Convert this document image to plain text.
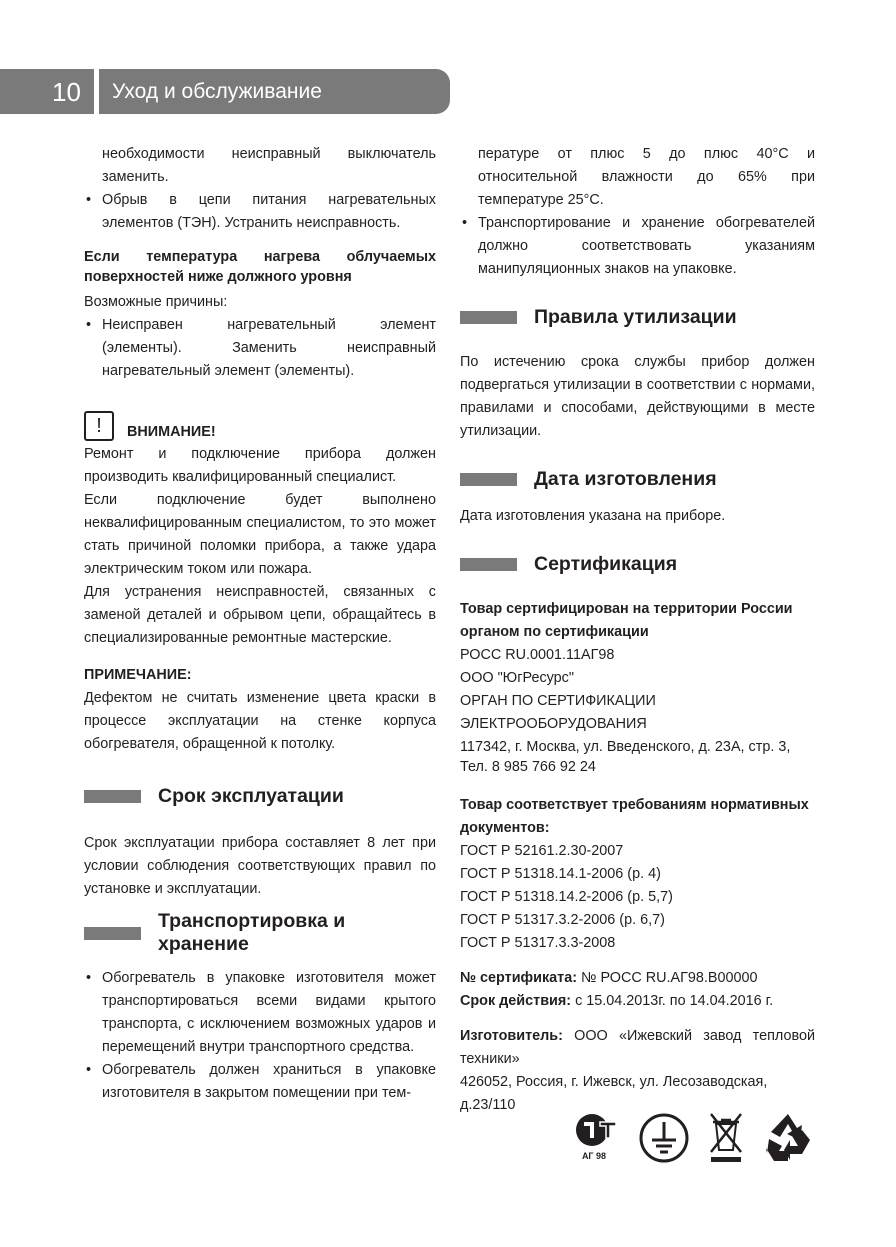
10 Уход и обслуживание

необходимости неисправный выключатель заменить.

• Обрыв в цепи питания нагревательных элементов (ТЭН). Устранить неисправность.

Если температура нагрева облучаемых поверхностей ниже должного уровня

Возможные причины:

• Неисправен нагревательный элемент (элементы). Заменить неисправный нагревательный элемент (элементы).

!	ВНИМАНИЕ!

Ремонт и подключение прибора должен производить квалифицированный специалист.

Если подключение будет выполнено неквалифицированным специалистом, то это может стать причиной поломки прибора, а также удара электрическим током или пожара.

Для устранения неисправностей, связанных с заменой деталей и обрывом цепи, обращайтесь в специализированные ремонтные мастерские.

ПРИМЕЧАНИЕ:

Дефектом не считать изменение цвета краски в процессе эксплуатации на стенке корпуса обогревателя, обращенной к потолку.

Срок эксплуатации

Срок эксплуатации прибора составляет 8 лет при условии соблюдения соответствующих правил по установке и эксплуатации.

Транспортировка и хранение

• Обогреватель в упаковке изготовителя может транспортироваться всеми видами крытого транспорта, с исключением возможных ударов и перемещений внутри транспортного средства.

• Обогреватель должен храниться в упаковке изготовителя в закрытом помещении при тем-

пературе от плюс 5 до плюс 40°С и относительной влажности до 65% при температуре 25°С.

• Транспортирование и хранение обогревателей должно соответствовать указаниям манипуляционных знаков на упаковке.

Правила утилизации

По истечению срока службы прибор должен подвергаться утилизации в соответствии с нормами, правилами и способами, действующими в месте утилизации.

Дата изготовления

Дата изготовления указана на приборе.

Сертификация

Товар сертифицирован на территории России органом по сертификации

РОСС RU.0001.11АГ98

ООО "ЮгРесурс"

ОРГАН ПО СЕРТИФИКАЦИИ

ЭЛЕКТРООБОРУДОВАНИЯ

117342, г. Москва, ул. Введенского, д. 23А, стр. 3,

Тел. 8 985 766 92 24

Товар соответствует требованиям нормативных документов:

ГОСТ Р 52161.2.30-2007

ГОСТ Р 51318.14.1-2006 (р. 4)

ГОСТ Р 51318.14.2-2006 (р. 5,7)

ГОСТ Р 51317.3.2-2006 (р. 6,7)

ГОСТ Р 51317.3.3-2008

№ сертификата: № РОСС RU.АГ98.В00000

Срок действия: с 15.04.2013г. по 14.04.2016 г.

Изготовитель: ООО «Ижевский завод тепловой техники»

426052, Россия, г. Ижевск, ул. Лесозаводская, д.23/110

АГ 98
